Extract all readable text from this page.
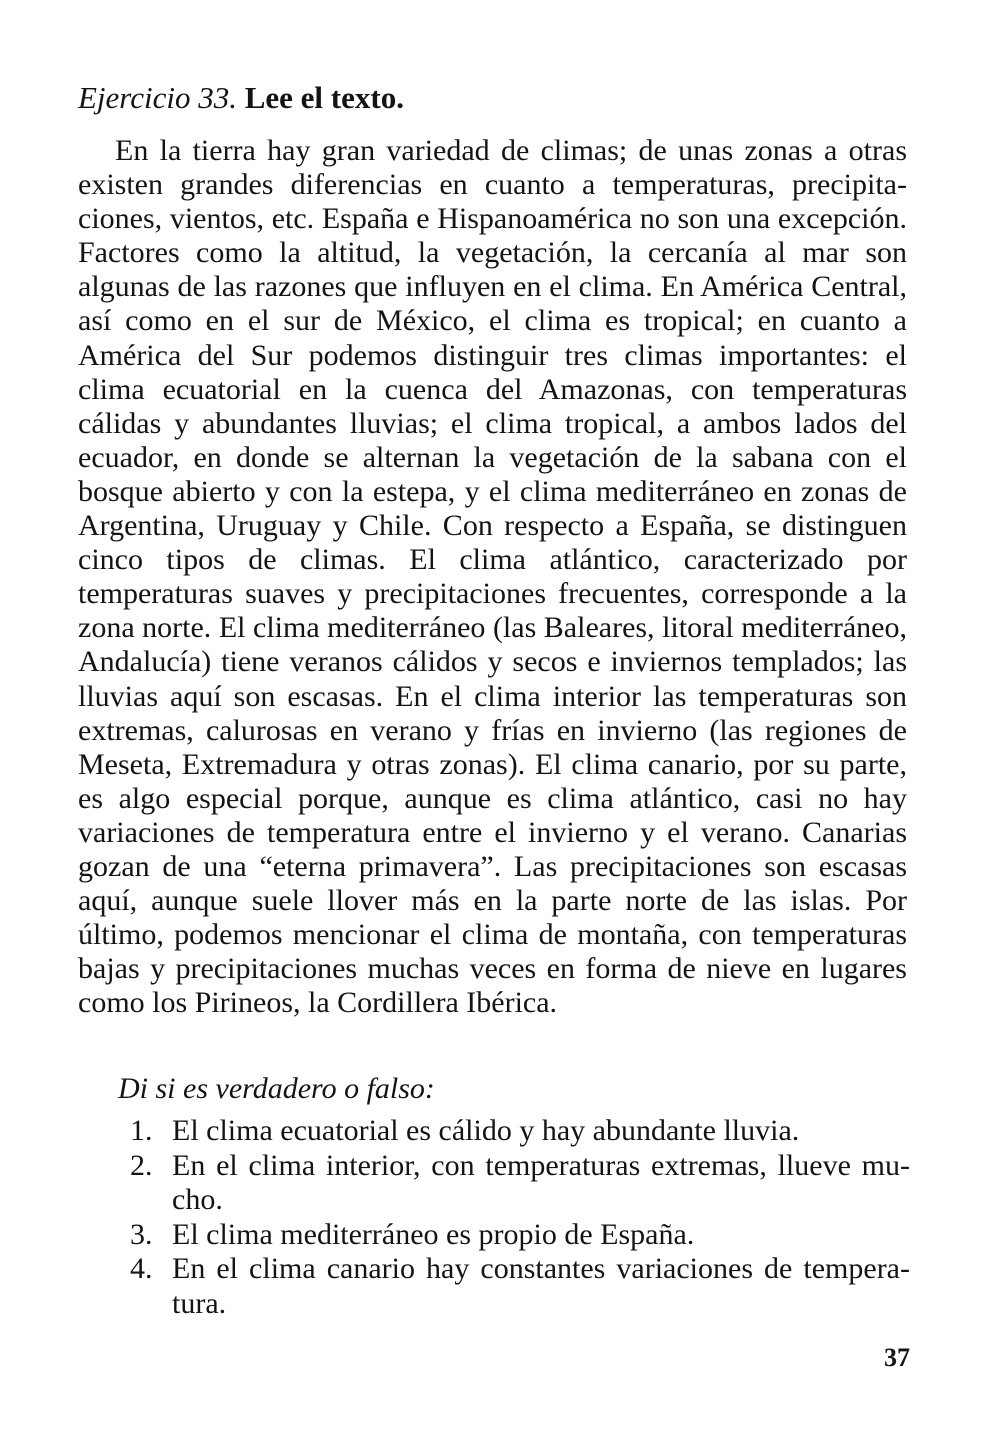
Ejercicio 33. Lee el texto.

En la tierra hay gran variedad de climas; de unas zonas a otras existen grandes diferencias en cuanto a temperaturas, precipitaciones, vientos, etc. España e Hispanoamérica no son una excepción. Factores como la altitud, la vegetación, la cercanía al mar son algunas de las razones que influyen en el clima. En América Central, así como en el sur de México, el clima es tropical; en cuanto a América del Sur podemos distinguir tres climas importantes: el clima ecuatorial en la cuenca del Amazonas, con temperaturas cálidas y abundantes lluvias; el clima tropical, a ambos lados del ecuador, en donde se alternan la vegetación de la sabana con el bosque abierto y con la estepa, y el clima mediterráneo en zonas de Argentina, Uruguay y Chile. Con respecto a España, se distinguen cinco tipos de climas. El clima atlántico, caracterizado por temperaturas suaves y precipitaciones frecuentes, corresponde a la zona norte. El clima mediterráneo (las Baleares, litoral mediterráneo, Andalucía) tiene veranos cálidos y secos e inviernos templados; las lluvias aquí son escasas. En el clima interior las temperaturas son extremas, calurosas en verano y frías en invierno (las regiones de Meseta, Extremadura y otras zonas). El clima canario, por su parte, es algo especial porque, aunque es clima atlántico, casi no hay variaciones de temperatura entre el invierno y el verano. Canarias gozan de una “eterna primavera”. Las precipitaciones son escasas aquí, aunque suele llover más en la parte norte de las islas. Por último, podemos mencionar el clima de montaña, con temperaturas bajas y precipitaciones muchas veces en forma de nieve en lugares como los Pirineos, la Cordillera Ibérica.

Di si es verdadero o falso:
1. El clima ecuatorial es cálido y hay abundante lluvia.
2. En el clima interior, con temperaturas extremas, llueve mucho.
3. El clima mediterráneo es propio de España.
4. En el clima canario hay constantes variaciones de temperatura.
37
